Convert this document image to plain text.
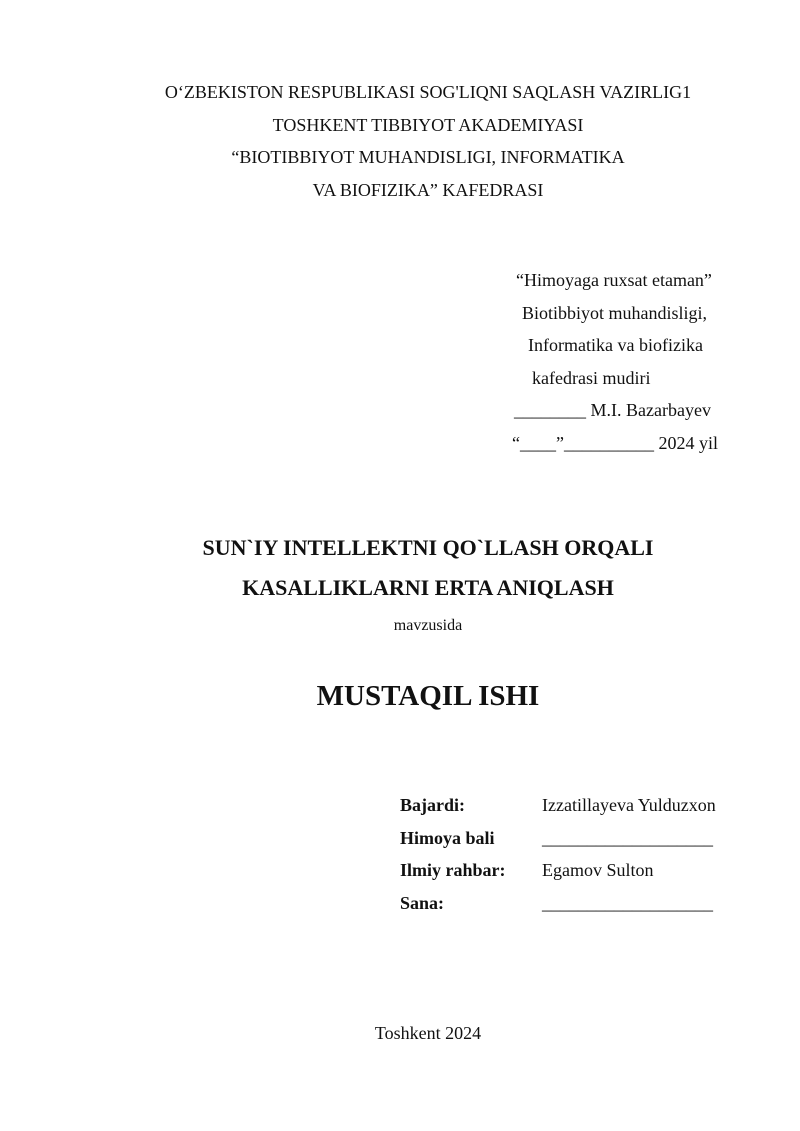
O‘ZBEKISTON RESPUBLIKASI SOG'LIQNI SAQLASH VAZIRLIG1
TOSHKENT TIBBIYOT AKADEMIYASI
“BIOTIBBIYOT MUHANDISLIGI, INFORMATIKA
VA BIOFIZIKA” KAFEDRASI
“Himoyaga ruxsat etaman”
Biotibbiyot muhandisligi,
Informatika va biofizika
kafedrasi mudiri
________ M.I. Bazarbayev
“____”__________ 2024 yil
SUN`IY INTELLEKTNI QO`LLASH ORQALI
KASALLIKLARNI ERTA ANIQLASH
mavzusida
MUSTAQIL ISHI
Bajardi:	Izzatillayeva Yulduzxon
Himoya bali	___________________
Ilmiy rahbar:	Egamov Sulton
Sana:	___________________
Toshkent 2024
